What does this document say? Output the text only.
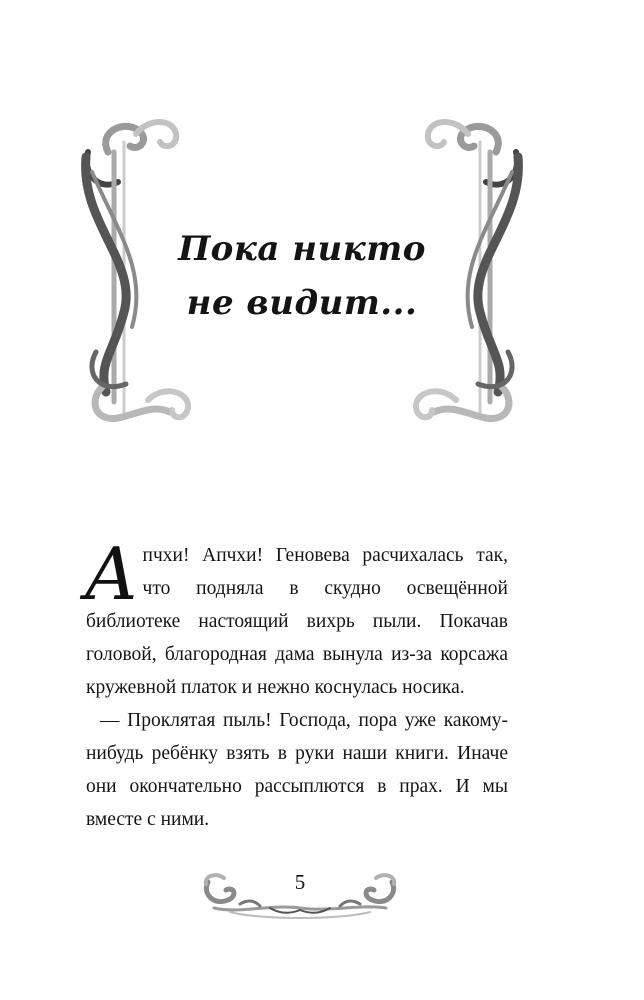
Пока никто
не видит...

Апчхи! Апчхи! Геновева расчихалась так, что подняла в скудно освещённой библиотеке настоящий вихрь пыли. Покачав головой, благородная дама вынула из-за корсажа кружевной платок и нежно коснулась носика.

— Проклятая пыль! Господа, пора уже какому-нибудь ребёнку взять в руки наши книги. Иначе они окончательно рассыплются в прах. И мы вместе с ними.

5
